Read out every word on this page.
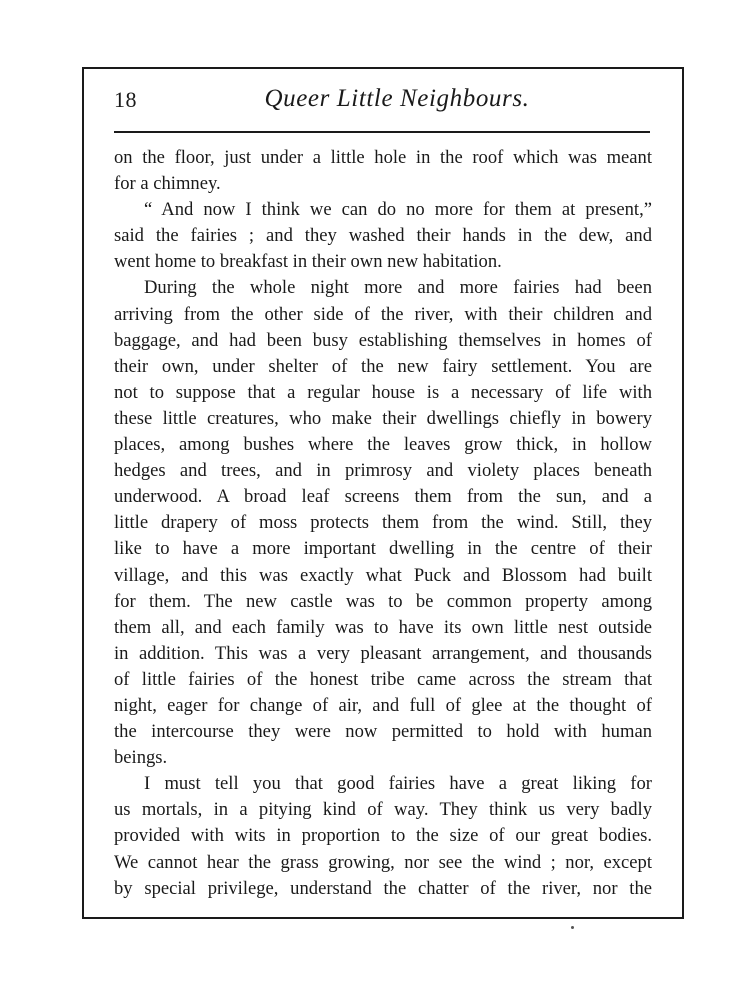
18	Queer Little Neighbours.
on the floor, just under a little hole in the roof which was meant
for a chimney.
“ And now I think we can do no more for them at present,”
said the fairies ; and they washed their hands in the dew, and
went home to breakfast in their own new habitation.
During the whole night more and more fairies had been
arriving from the other side of the river, with their children and
baggage, and had been busy establishing themselves in homes of
their own, under shelter of the new fairy settlement. You are
not to suppose that a regular house is a necessary of life with
these little creatures, who make their dwellings chiefly in bowery
places, among bushes where the leaves grow thick, in hollow
hedges and trees, and in primrosy and violety places beneath
underwood. A broad leaf screens them from the sun, and a
little drapery of moss protects them from the wind. Still, they
like to have a more important dwelling in the centre of their
village, and this was exactly what Puck and Blossom had built
for them. The new castle was to be common property among
them all, and each family was to have its own little nest outside
in addition. This was a very pleasant arrangement, and thousands
of little fairies of the honest tribe came across the stream that
night, eager for change of air, and full of glee at the thought of
the intercourse they were now permitted to hold with human
beings.
I must tell you that good fairies have a great liking for
us mortals, in a pitying kind of way. They think us very badly
provided with wits in proportion to the size of our great bodies.
We cannot hear the grass growing, nor see the wind ; nor, except
by special privilege, understand the chatter of the river, nor the
